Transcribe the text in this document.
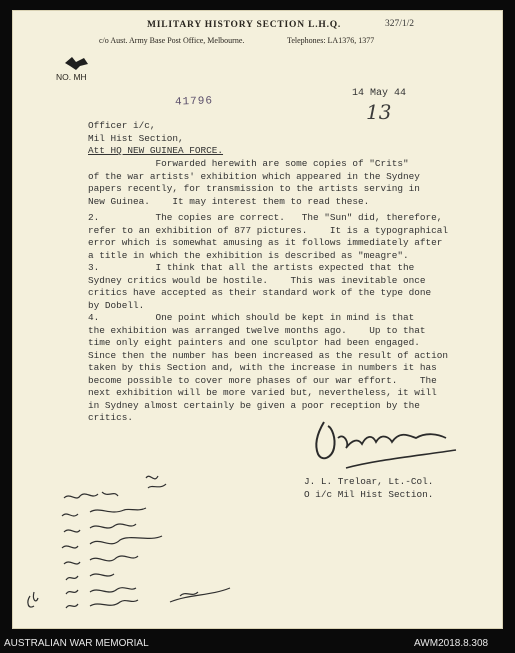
MILITARY HISTORY SECTION L.H.Q.	327/1/2
c/o Aust. Army Base Post Office, Melbourne.	Telephones: LA1376, 1377
NO. MH
41796
14 May 44
13
Officer i/c,
Mil Hist Section,
Att HQ NEW GUINEA FORCE.
Forwarded herewith are some copies of "Crits"
of the war artists' exhibition which appeared in the Sydney
papers recently, for transmission to the artists serving in
New Guinea.    It may interest them to read these.
2.          The copies are correct.   The "Sun" did, therefore,
refer to an exhibition of 877 pictures.    It is a typographical
error which is somewhat amusing as it follows immediately after
a title in which the exhibition is described as "meagre".
3.          I think that all the artists expected that the
Sydney critics would be hostile.    This was inevitable once
critics have accepted as their standard work of the type done
by Dobell.
4.          One point which should be kept in mind is that
the exhibition was arranged twelve months ago.    Up to that
time only eight painters and one sculptor had been engaged.
Since then the number has been increased as the result of action
taken by this Section and, with the increase in numbers it has
become possible to cover more phases of our war effort.    The
next exhibition will be more varied but, nevertheless, it will
in Sydney almost certainly be given a poor reception by the
critics.
J. L. Treloar, Lt.-Col.
O i/c Mil Hist Section.
AUSTRALIAN WAR MEMORIAL	AWM2018.8.308
